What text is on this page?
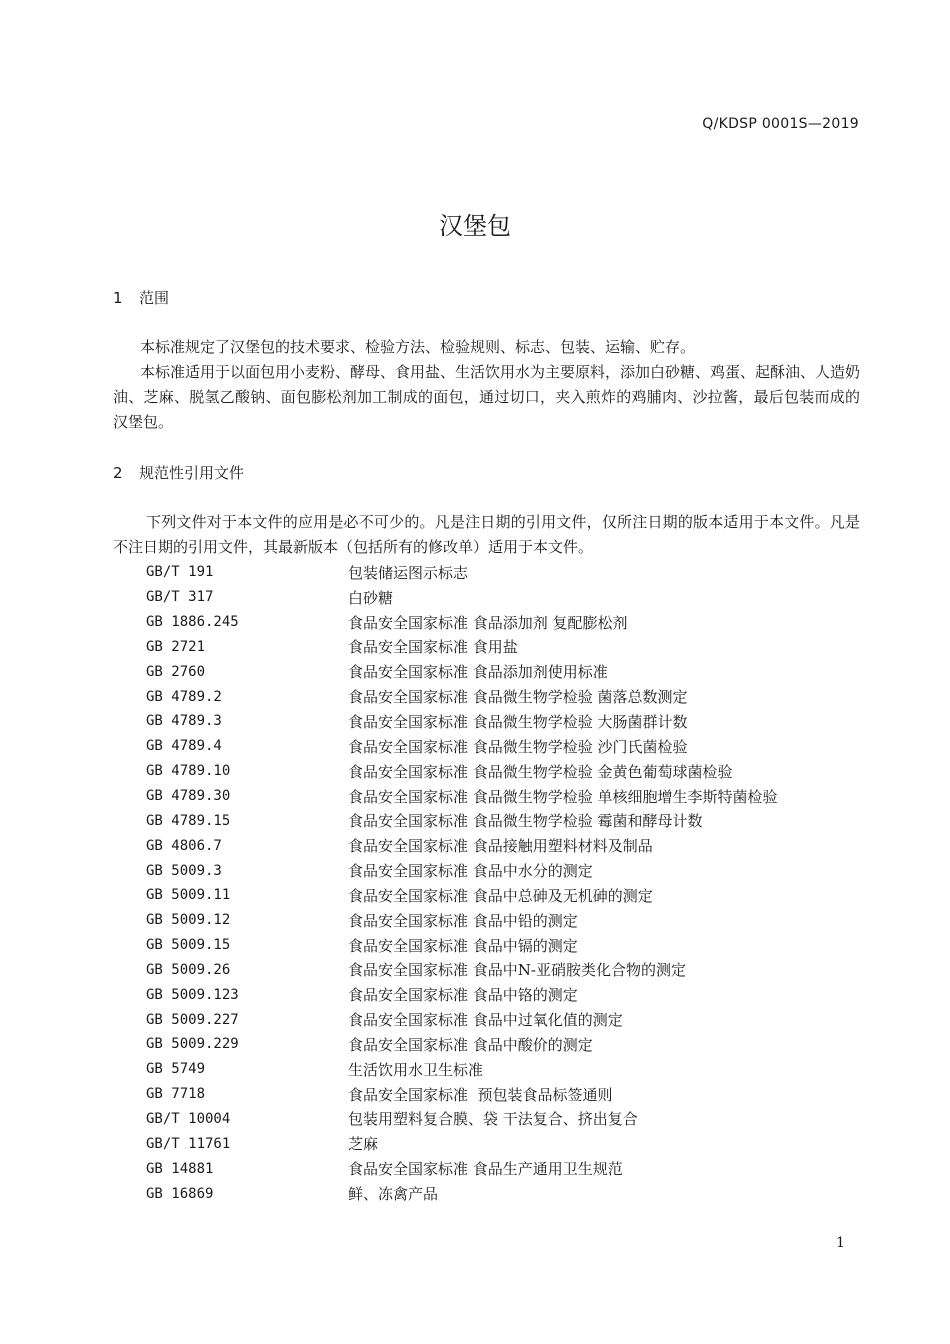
Q/KDSP 0001S—2019
汉堡包
1 范围

本标准规定了汉堡包的技术要求、检验方法、检验规则、标志、包装、运输、贮存。

本标准适用于以面包用小麦粉、酵母、食用盐、生活饮用水为主要原料，添加白砂糖、鸡蛋、起酥油、人造奶油、芝麻、脱氢乙酸钠、面包膨松剂加工制成的面包，通过切口，夹入煎炸的鸡脯肉、沙拉酱，最后包装而成的汉堡包。

2 规范性引用文件

下列文件对于本文件的应用是必不可少的。凡是注日期的引用文件，仅所注日期的版本适用于本文件。凡是不注日期的引用文件，其最新版本（包括所有的修改单）适用于本文件。

GB/T 191	包装储运图示标志
GB/T 317	白砂糖
GB 1886.245	食品安全国家标准 食品添加剂 复配膨松剂
GB 2721	食品安全国家标准 食用盐
GB 2760	食品安全国家标准 食品添加剂使用标准
GB 4789.2	食品安全国家标准 食品微生物学检验 菌落总数测定
GB 4789.3	食品安全国家标准 食品微生物学检验 大肠菌群计数
GB 4789.4	食品安全国家标准 食品微生物学检验 沙门氏菌检验
GB 4789.10	食品安全国家标准 食品微生物学检验 金黄色葡萄球菌检验
GB 4789.30	食品安全国家标准 食品微生物学检验 单核细胞增生李斯特菌检验
GB 4789.15	食品安全国家标准 食品微生物学检验 霉菌和酵母计数
GB 4806.7	食品安全国家标准 食品接触用塑料材料及制品
GB 5009.3	食品安全国家标准 食品中水分的测定
GB 5009.11	食品安全国家标准 食品中总砷及无机砷的测定
GB 5009.12	食品安全国家标准 食品中铅的测定
GB 5009.15	食品安全国家标准 食品中镉的测定
GB 5009.26	食品安全国家标准 食品中N-亚硝胺类化合物的测定
GB 5009.123	食品安全国家标准 食品中铬的测定
GB 5009.227	食品安全国家标准 食品中过氧化值的测定
GB 5009.229	食品安全国家标准 食品中酸价的测定
GB 5749	生活饮用水卫生标准
GB 7718	食品安全国家标准  预包装食品标签通则
GB/T 10004	包装用塑料复合膜、袋 干法复合、挤出复合
GB/T 11761	芝麻
GB 14881	食品安全国家标准 食品生产通用卫生规范
GB 16869	鲜、冻禽产品
1
